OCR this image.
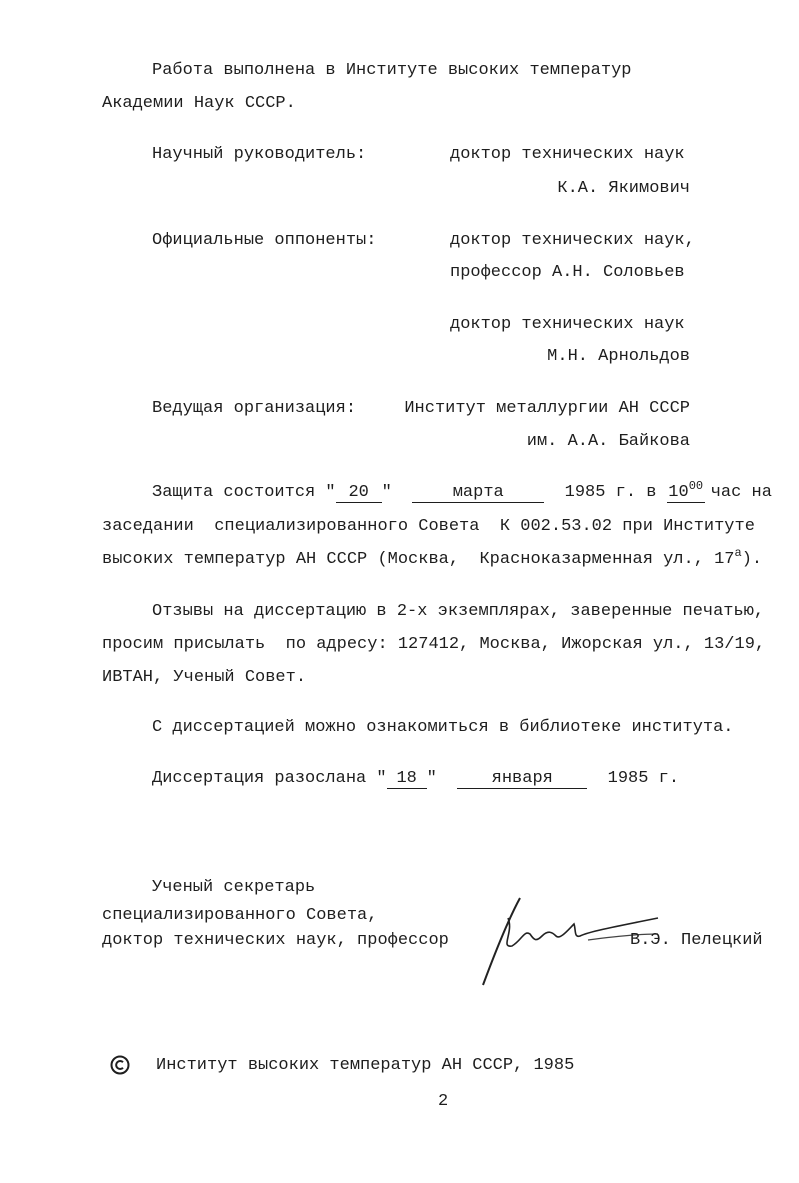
Работа выполнена в Институте высоких температур
Академии Наук СССР.
Научный руководитель:	доктор технических наук
К.А. Якимович
Официальные оппоненты:	доктор технических наук,
профессор А.Н. Соловьев
доктор технических наук
М.Н. Арнольдов
Ведущая организация:	Институт металлургии АН СССР
им. А.А. Байкова
Защита состоится " 20 "	марта	1985 г. в $10^{00}$ час на
заседании  специализированного Совета  К 002.53.02 при Институте
высоких температур АН СССР (Москва,  Красноказарменная ул., $17^а$).
Отзывы на диссертацию в 2-х экземплярах, заверенные печатью,
просим присылать  по адресу: 127412, Москва, Ижорская ул., 13/19,
ИВТАН, Ученый Совет.
С диссертацией можно ознакомиться в библиотеке института.
Диссертация разослана " 18 "	января	1985 г.
Ученый секретарь
специализированного Совета,
доктор технических наук, профессор	В.Э. Пелецкий
Институт высоких температур АН СССР, 1985
2
